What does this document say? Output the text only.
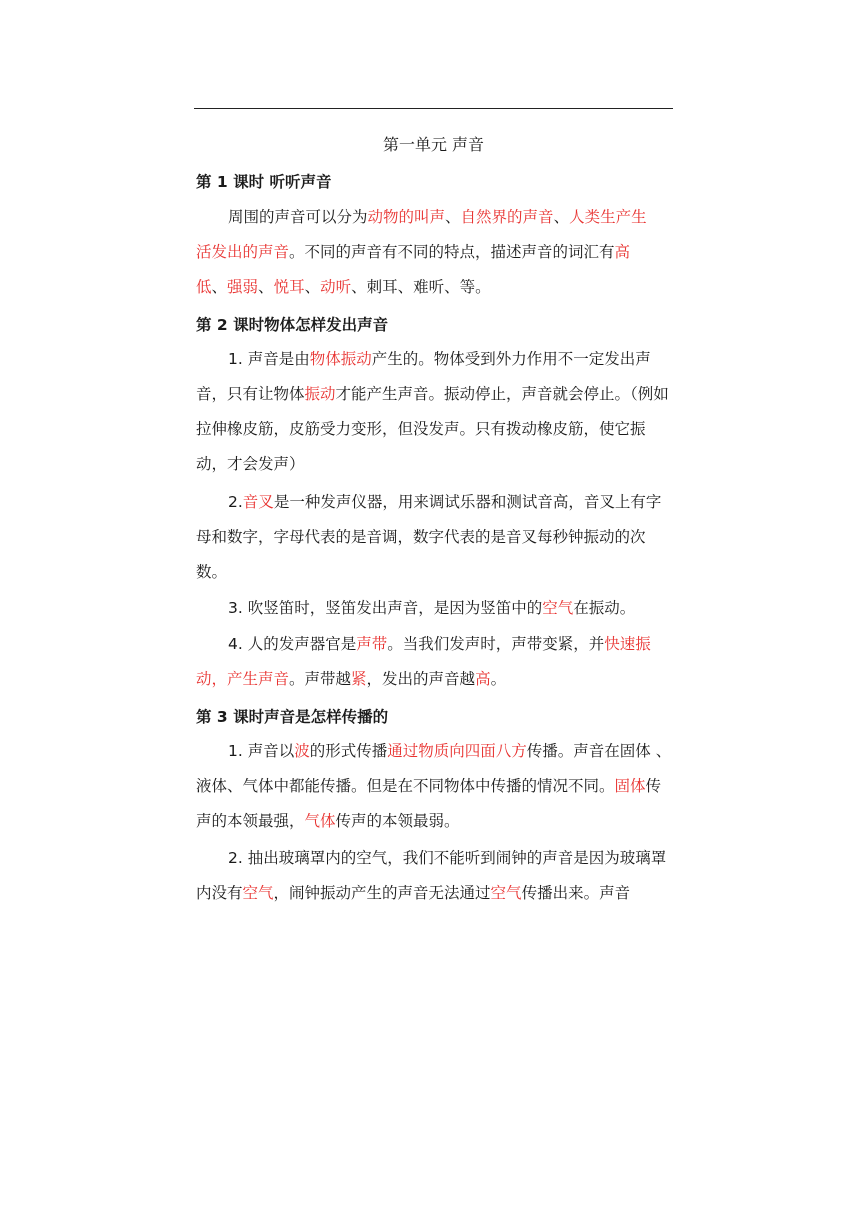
第一单元 声音
第 1 课时 听听声音

周围的声音可以分为动物的叫声、自然界的声音、人类生产生
活发出的声音。不同的声音有不同的特点，描述声音的词汇有高
低、强弱、悦耳、动听、刺耳、难听、等。

第 2 课时物体怎样发出声音

1. 声音是由物体振动产生的。物体受到外力作用不一定发出声音，只有让物体振动才能产生声音。振动停止，声音就会停止。（例如拉伸橡皮筋，皮筋受力变形，但没发声。只有拨动橡皮筋，使它振动，才会发声）

2.音叉是一种发声仪器，用来调试乐器和测试音高，音叉上有字母和数字，字母代表的是音调，数字代表的是音叉每秒钟振动的次数。

3. 吹竖笛时，竖笛发出声音，是因为竖笛中的空气在振动。

4. 人的发声器官是声带。当我们发声时，声带变紧，并快速振
动，产生声音。声带越紧，发出的声音越高。

第 3 课时声音是怎样传播的

1. 声音以波的形式传播通过物质向四面八方传播。声音在固体 、液体、气体中都能传播。但是在不同物体中传播的情况不同。固体传声的本领最强，气体传声的本领最弱。

2. 抽出玻璃罩内的空气，我们不能听到闹钟的声音是因为玻璃罩内没有空气，闹钟振动产生的声音无法通过空气传播出来。声音
